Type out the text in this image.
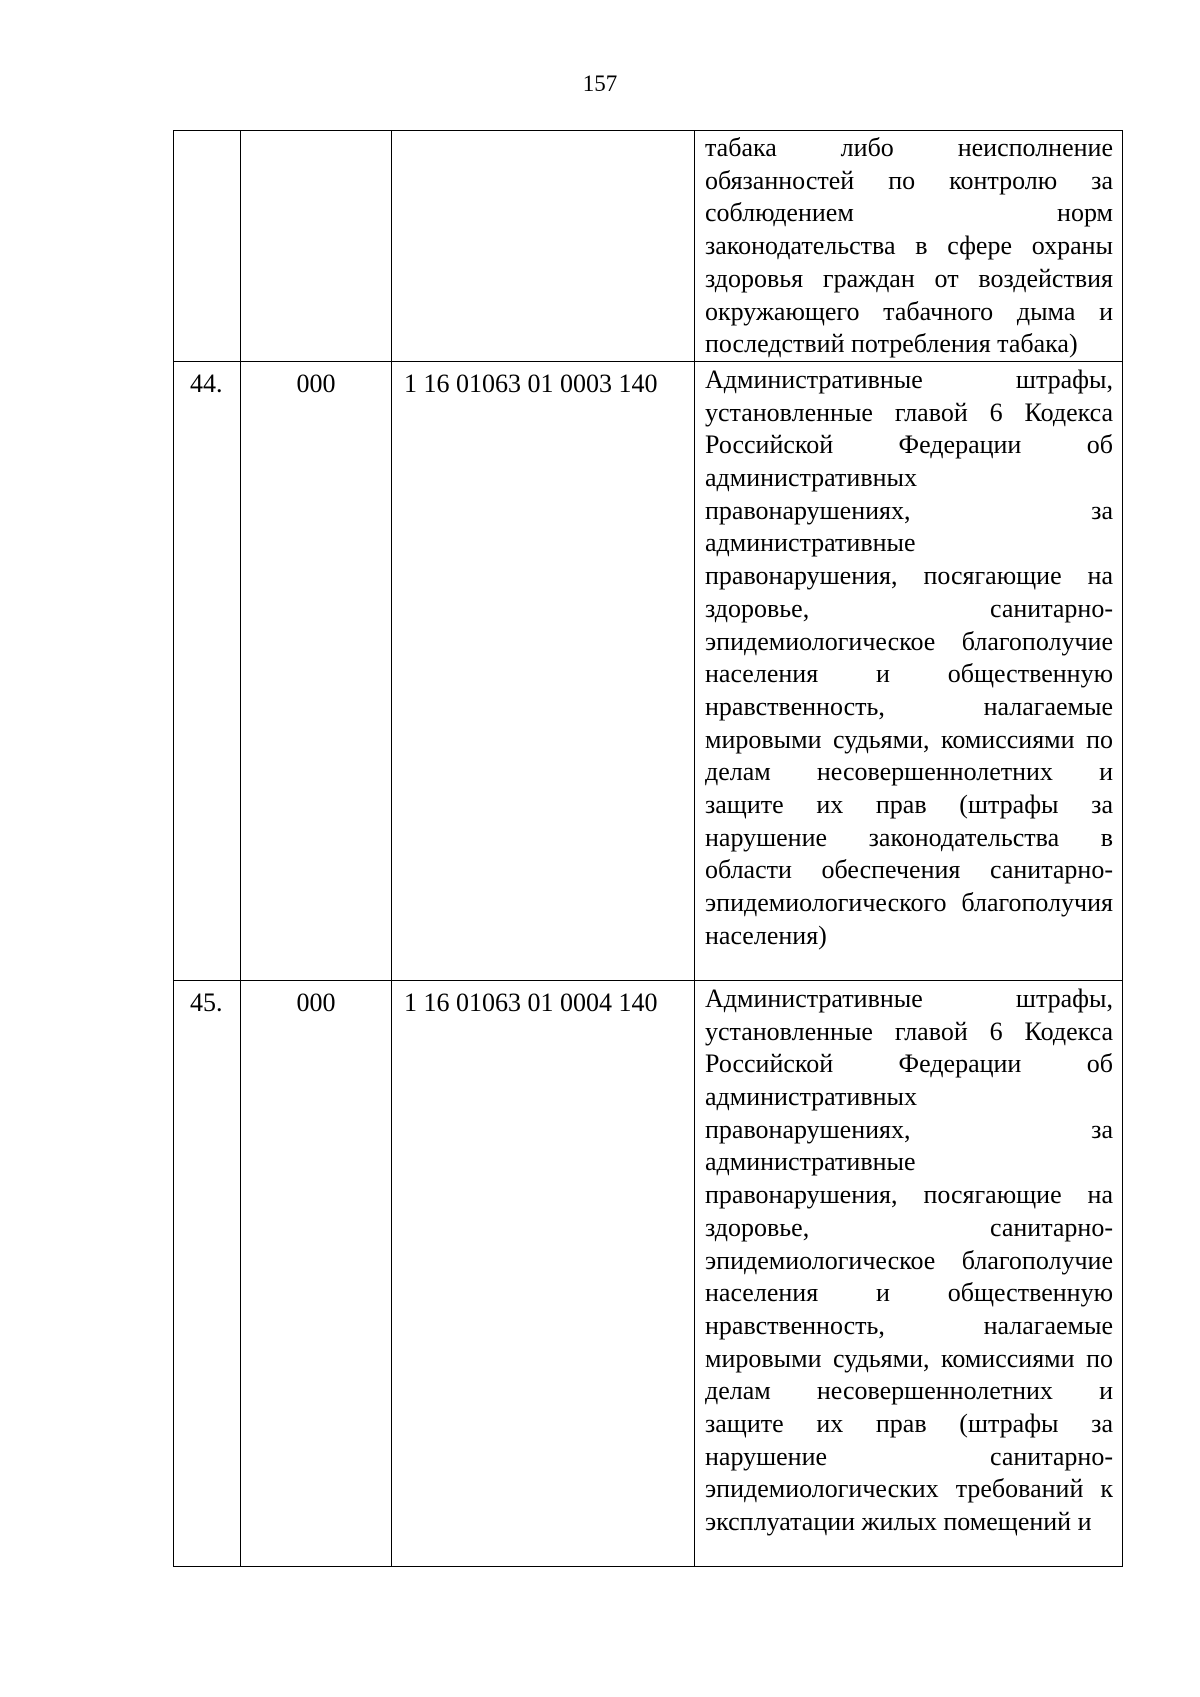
157

			табака либо неисполнение обязанностей по контролю за соблюдением норм законодательства в сфере охраны здоровья граждан от воздействия окружающего табачного дыма и последствий потребления табака)

44.	000	1 16 01063 01 0003 140	Административные штрафы, установленные главой 6 Кодекса Российской Федерации об административных правонарушениях, за административные правонарушения, посягающие на здоровье, санитарно-эпидемиологическое благополучие населения и общественную нравственность, налагаемые мировыми судьями, комиссиями по делам несовершеннолетних и защите их прав (штрафы за нарушение законодательства в области обеспечения санитарно-эпидемиологического благополучия населения)

45.	000	1 16 01063 01 0004 140	Административные штрафы, установленные главой 6 Кодекса Российской Федерации об административных правонарушениях, за административные правонарушения, посягающие на здоровье, санитарно-эпидемиологическое благополучие населения и общественную нравственность, налагаемые мировыми судьями, комиссиями по делам несовершеннолетних и защите их прав (штрафы за нарушение санитарно-эпидемиологических требований к эксплуатации жилых помещений и
